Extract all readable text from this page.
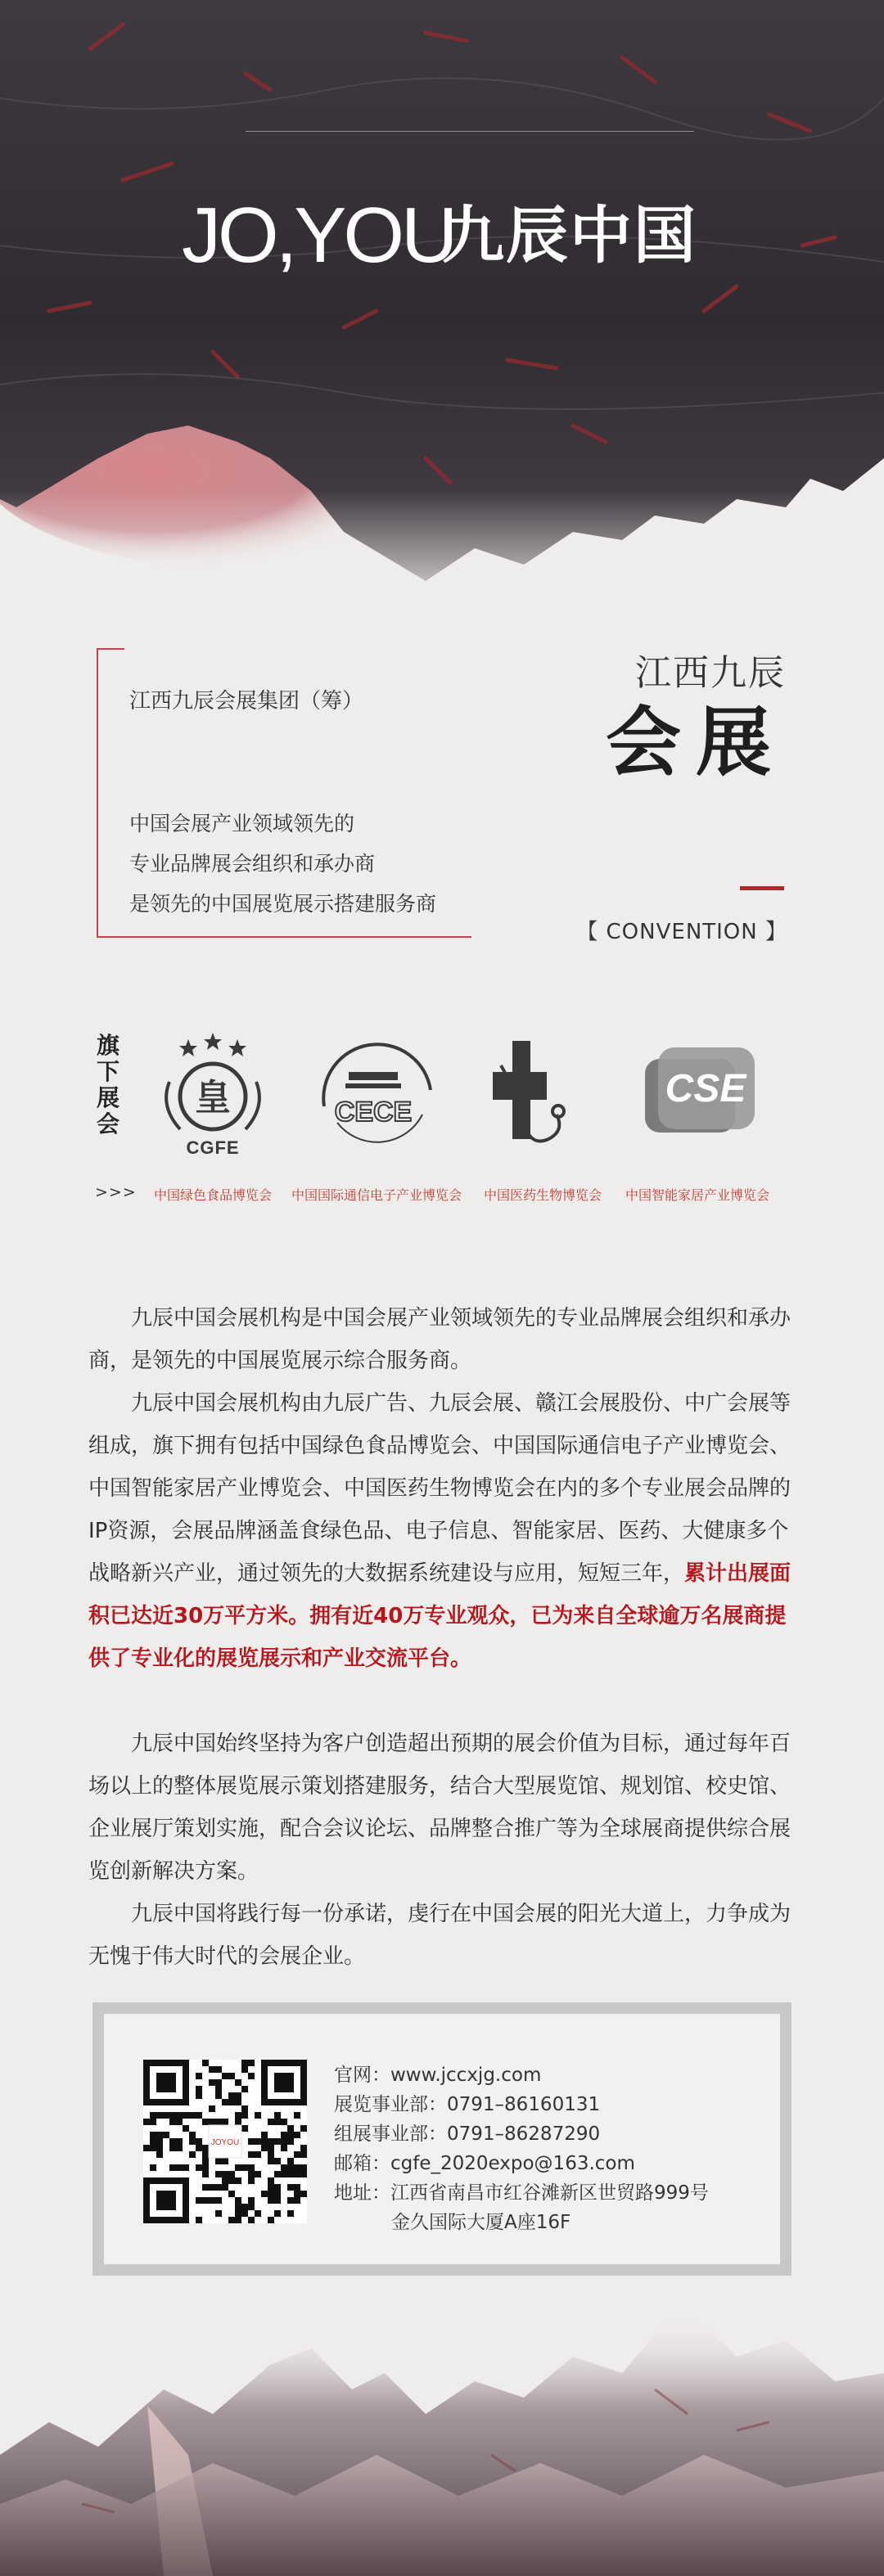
JO,YOU
九辰中国
江西九辰会展集团（筹）
中国会展产业领域领先的
专业品牌展会组织和承办商
是领先的中国展览展示搭建服务商
江西九辰
会展
【 CONVENTION 】
旗
下
展
会
皇
CGFE
CECE
CSE
>>>	中国绿色食品博览会	中国国际通信电子产业博览会	中国医药生物博览会	中国智能家居产业博览会

九辰中国会展机构是中国会展产业领域领先的专业品牌展会组织和承办商，是领先的中国展览展示综合服务商。

九辰中国会展机构由九辰广告、九辰会展、赣江会展股份、中广会展等组成，旗下拥有包括中国绿色食品博览会、中国国际通信电子产业博览会、中国智能家居产业博览会、中国医药生物博览会在内的多个专业展会品牌的IP资源，会展品牌涵盖食绿色品、电子信息、智能家居、医药、大健康多个战略新兴产业，通过领先的大数据系统建设与应用，短短三年，累计出展面积已达近30万平方米。拥有近40万专业观众，已为来自全球逾万名展商提供了专业化的展览展示和产业交流平台。

九辰中国始终坚持为客户创造超出预期的展会价值为目标，通过每年百场以上的整体展览展示策划搭建服务，结合大型展览馆、规划馆、校史馆、企业展厅策划实施，配合会议论坛、品牌整合推广等为全球展商提供综合展览创新解决方案。

九辰中国将践行每一份承诺，虔行在中国会展的阳光大道上，力争成为无愧于伟大时代的会展企业。

JOYOU
官网：www.jccxjg.com
展览事业部：0791–86160131
组展事业部：0791–86287290
邮箱：cgfe_2020expo@163.com
地址：江西省南昌市红谷滩新区世贸路999号
金久国际大厦A座16F
